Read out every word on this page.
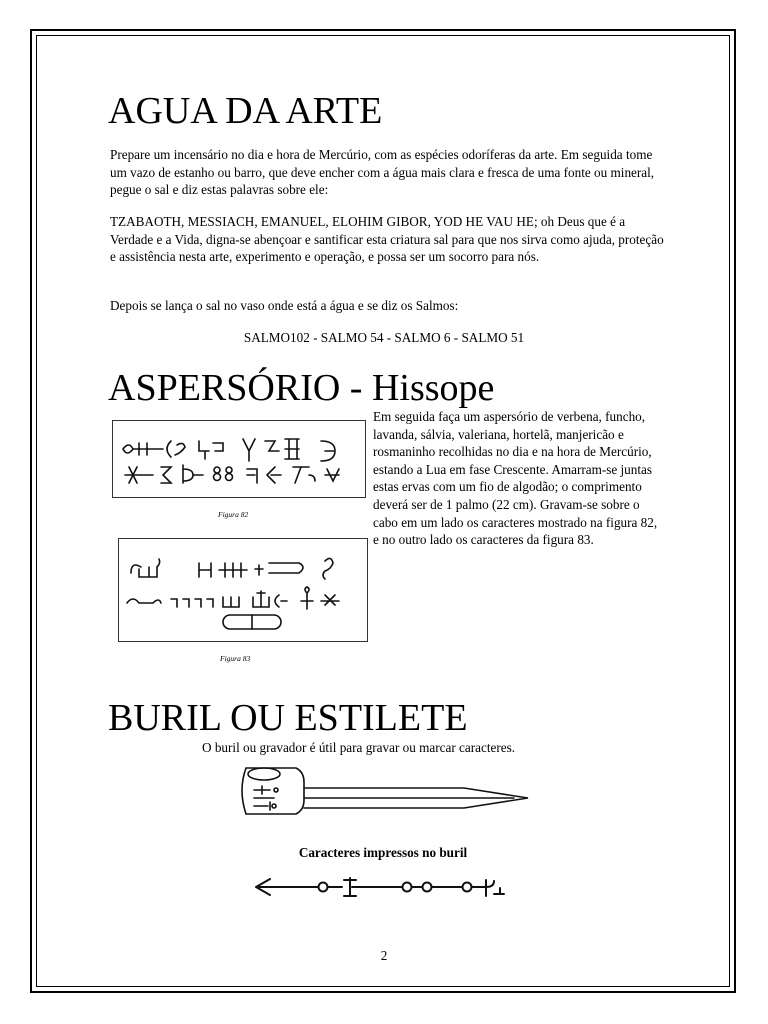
AGUA DA ARTE

Prepare um incensário no dia e hora de Mercúrio, com as espécies odoríferas da arte. Em seguida tome um vazo de estanho ou barro, que deve encher com a água mais clara e fresca de uma fonte ou mineral, pegue o sal e diz estas palavras sobre ele:

TZABAOTH, MESSIACH, EMANUEL, ELOHIM GIBOR, YOD HE VAU HE; oh Deus que é a Verdade e a Vida, digna-se abençoar e santificar esta criatura sal para que nos sirva como ajuda, proteção e assistência nesta arte, experimento e operação, e possa ser um socorro para nós.

Depois se lança o sal no vaso onde está a água e se diz os Salmos:

SALMO102 - SALMO 54 - SALMO 6 - SALMO 51

ASPERSÓRIO - Hissope

Em seguida faça um aspersório de verbena, funcho, lavanda, sálvia, valeriana, hortelã, manjericão e rosmaninho recolhidas no dia e na hora de Mercúrio, estando a Lua em fase Crescente. Amarram-se juntas estas ervas com um fio de algodão; o comprimento deverá ser de 1 palmo (22 cm). Gravam-se sobre o cabo em um lado os caracteres mostrado na figura 82, e no outro lado os caracteres da figura 83.

Figura 82
Figura 83
BURIL OU ESTILETE

O buril ou gravador é útil para gravar ou marcar caracteres.

Caracteres impressos no buril

2
